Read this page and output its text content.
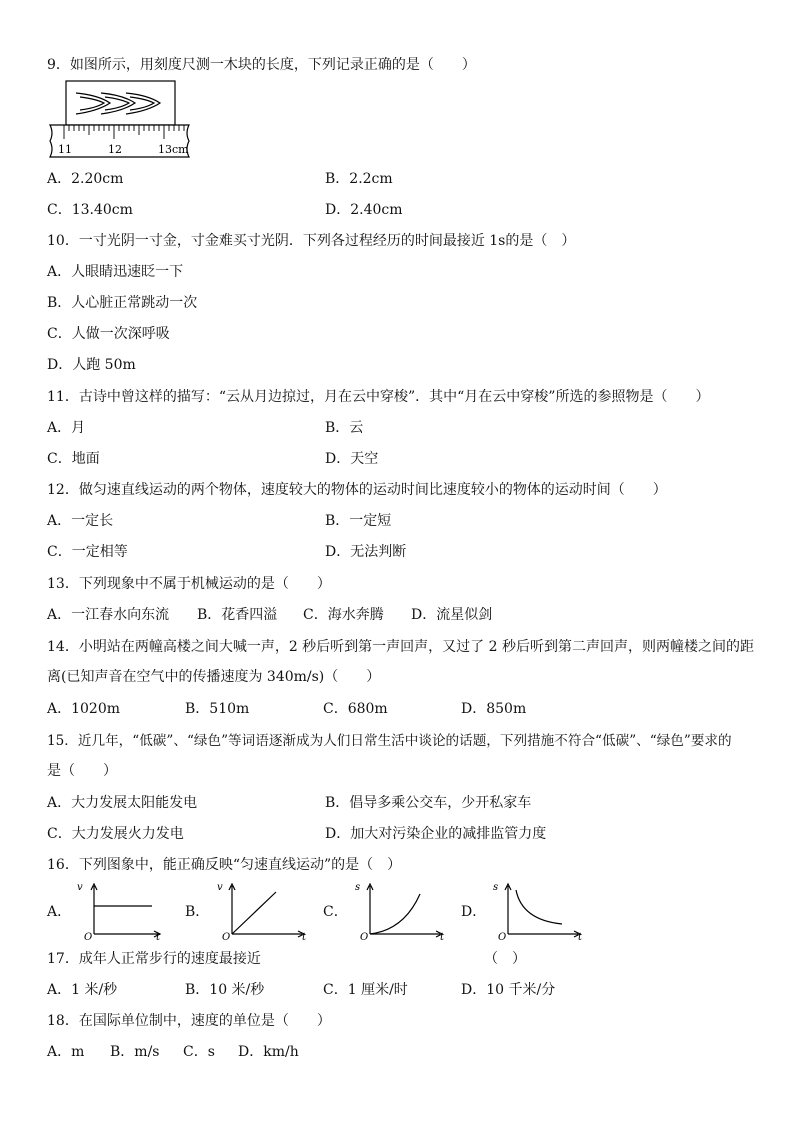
9．如图所示，用刻度尺测一木块的长度，下列记录正确的是（　　）
11	12	13cm
A．2.20cm	B．2.2cm
C．13.40cm	D．2.40cm
10．一寸光阴一寸金，寸金难买寸光阴．下列各过程经历的时间最接近 1s的是（　）
A．人眼睛迅速眨一下
B．人心脏正常跳动一次
C．人做一次深呼吸
D．人跑 50m
11．古诗中曾这样的描写：“云从月边掠过，月在云中穿梭”．其中“月在云中穿梭”所选的参照物是（　　）
A．月	B．云
C．地面	D．天空
12．做匀速直线运动的两个物体，速度较大的物体的运动时间比速度较小的物体的运动时间（　　）
A．一定长	B．一定短
C．一定相等	D．无法判断
13．下列现象中不属于机械运动的是（　　）
A．一江春水向东流 B．花香四溢 C．海水奔腾 D．流星似剑
14．小明站在两幢高楼之间大喊一声，2 秒后听到第一声回声，又过了 2 秒后听到第二声回声，则两幢楼之间的距
离(已知声音在空气中的传播速度为 340m/s)（　　）
A．1020m	B．510m	C．680m	D．850m
15．近几年，“低碳”、“绿色”等词语逐渐成为人们日常生活中谈论的话题，下列措施不符合“低碳”、“绿色”要求的
是（　　）
A．大力发展太阳能发电	B．倡导多乘公交车，少开私家车
C．大力发展火力发电	D．加大对污染企业的减排监管力度
16．下列图象中，能正确反映“匀速直线运动”的是（　）
A．
v
t
O
B．
v
t
O
C．
s
t
O
D．
s
t
O
17．成年人正常步行的速度最接近	（　）
A．1 米/秒	B．10 米/秒	C．1 厘米/时	D．10 千米/分
18．在国际单位制中，速度的单位是（　　）
A．m B．m/s C．s D．km/h
